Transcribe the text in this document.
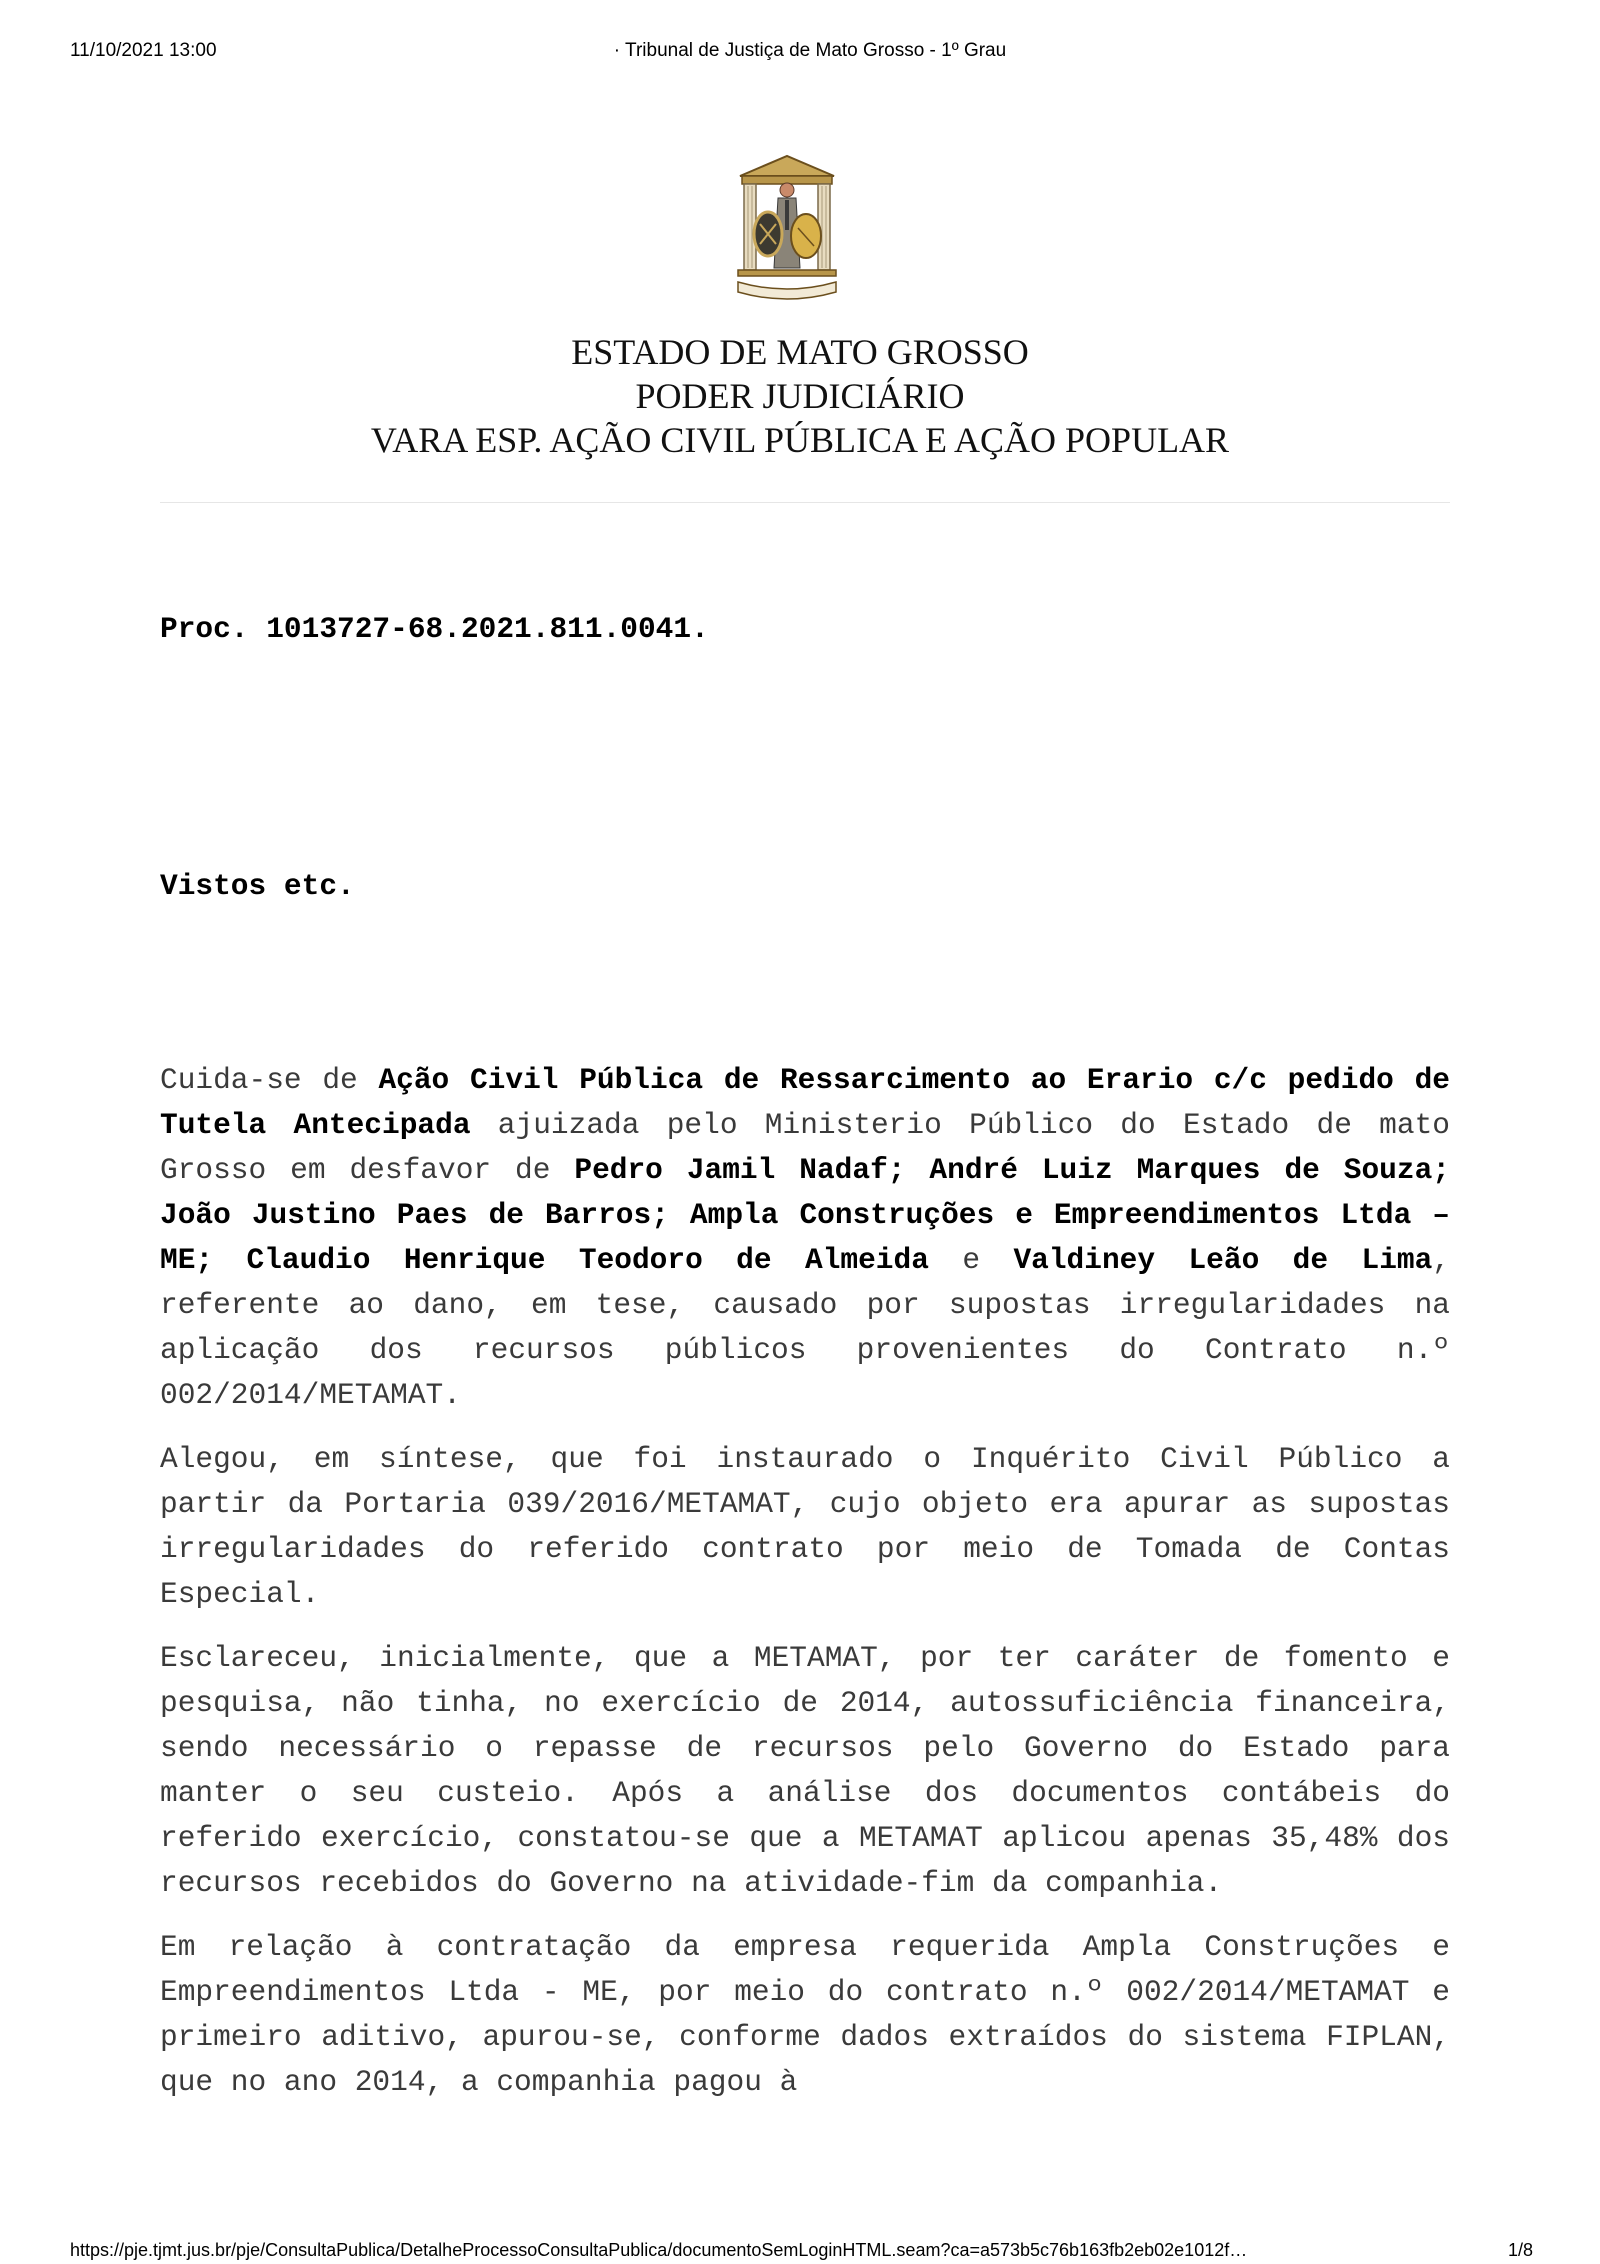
11/10/2021 13:00	· Tribunal de Justiça de Mato Grosso - 1º Grau
ESTADO DE MATO GROSSO
PODER JUDICIÁRIO
VARA ESP. AÇÃO CIVIL PÚBLICA E AÇÃO POPULAR
Proc. 1013727-68.2021.811.0041.
Vistos etc.

Cuida-se de Ação Civil Pública de Ressarcimento ao Erario c/c pedido de Tutela Antecipada ajuizada pelo Ministerio Público do Estado de mato Grosso em desfavor de Pedro Jamil Nadaf; André Luiz Marques de Souza; João Justino Paes de Barros; Ampla Construções e Empreendimentos Ltda – ME; Claudio Henrique Teodoro de Almeida e Valdiney Leão de Lima, referente ao dano, em tese, causado por supostas irregularidades na aplicação dos recursos públicos provenientes do Contrato n.º 002/2014/METAMAT.

Alegou, em síntese, que foi instaurado o Inquérito Civil Público a partir da Portaria 039/2016/METAMAT, cujo objeto era apurar as supostas irregularidades do referido contrato por meio de Tomada de Contas Especial.

Esclareceu, inicialmente, que a METAMAT, por ter caráter de fomento e pesquisa, não tinha, no exercício de 2014, autossuficiência financeira, sendo necessário o repasse de recursos pelo Governo do Estado para manter o seu custeio. Após a análise dos documentos contábeis do referido exercício, constatou-se que a METAMAT aplicou apenas 35,48% dos recursos recebidos do Governo na atividade-fim da companhia.

Em relação à contratação da empresa requerida Ampla Construções e Empreendimentos Ltda - ME, por meio do contrato n.º 002/2014/METAMAT e primeiro aditivo, apurou-se, conforme dados extraídos do sistema FIPLAN, que no ano 2014, a companhia pagou à

https://pje.tjmt.jus.br/pje/ConsultaPublica/DetalheProcessoConsultaPublica/documentoSemLoginHTML.seam?ca=a573b5c76b163fb2eb02e1012f…	1/8
